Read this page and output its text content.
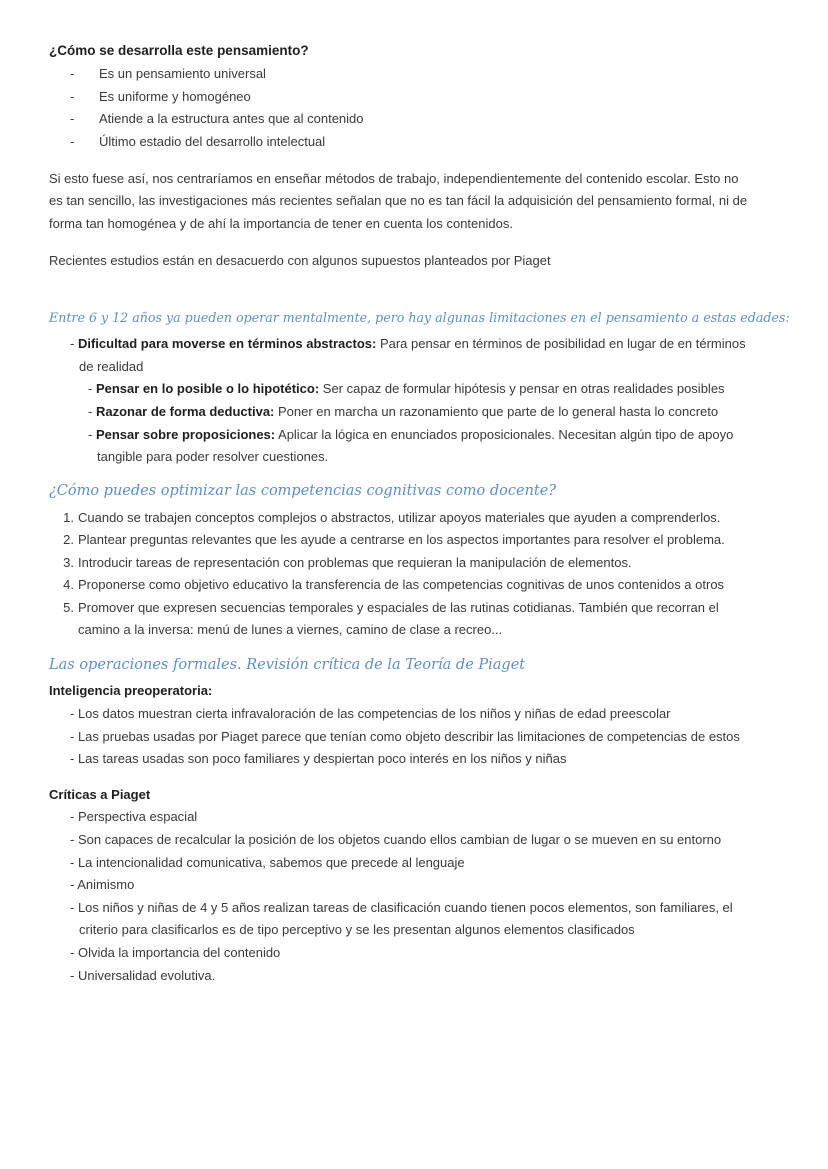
¿Cómo se desarrolla este pensamiento?
- Es un pensamiento universal
- Es uniforme y homogéneo
- Atiende a la estructura antes que al contenido
- Último estadio del desarrollo intelectual
Si esto fuese así, nos centraríamos en enseñar métodos de trabajo, independientemente del contenido escolar. Esto no
es tan sencillo, las investigaciones más recientes señalan que no es tan fácil la adquisición del pensamiento formal, ni de
forma tan homogénea y de ahí la importancia de tener en cuenta los contenidos.
Recientes estudios están en desacuerdo con algunos supuestos planteados por Piaget
Entre 6 y 12 años ya pueden operar mentalmente, pero hay algunas limitaciones en el pensamiento a estas edades:
- Dificultad para moverse en términos abstractos: Para pensar en términos de posibilidad en lugar de en términos
de realidad
- Pensar en lo posible o lo hipotético: Ser capaz de formular hipótesis y pensar en otras realidades posibles
- Razonar de forma deductiva: Poner en marcha un razonamiento que parte de lo general hasta lo concreto
- Pensar sobre proposiciones: Aplicar la lógica en enunciados proposicionales. Necesitan algún tipo de apoyo
tangible para poder resolver cuestiones.
¿Cómo puedes optimizar las competencias cognitivas como docente?
1. Cuando se trabajen conceptos complejos o abstractos, utilizar apoyos materiales que ayuden a comprenderlos.
2. Plantear preguntas relevantes que les ayude a centrarse en los aspectos importantes para resolver el problema.
3. Introducir tareas de representación con problemas que requieran la manipulación de elementos.
4. Proponerse como objetivo educativo la transferencia de las competencias cognitivas de unos contenidos a otros
5. Promover que expresen secuencias temporales y espaciales de las rutinas cotidianas. También que recorran el
camino a la inversa: menú de lunes a viernes, camino de clase a recreo...
Las operaciones formales. Revisión crítica de la Teoría de Piaget
Inteligencia preoperatoria:
- Los datos muestran cierta infravaloración de las competencias de los niños y niñas de edad preescolar
- Las pruebas usadas por Piaget parece que tenían como objeto describir las limitaciones de competencias de estos
- Las tareas usadas son poco familiares y despiertan poco interés en los niños y niñas
Críticas a Piaget
- Perspectiva espacial
- Son capaces de recalcular la posición de los objetos cuando ellos cambian de lugar o se mueven en su entorno
- La intencionalidad comunicativa, sabemos que precede al lenguaje
- Animismo
- Los niños y niñas de 4 y 5 años realizan tareas de clasificación cuando tienen pocos elementos, son familiares, el
criterio para clasificarlos es de tipo perceptivo y se les presentan algunos elementos clasificados
- Olvida la importancia del contenido
- Universalidad evolutiva.
